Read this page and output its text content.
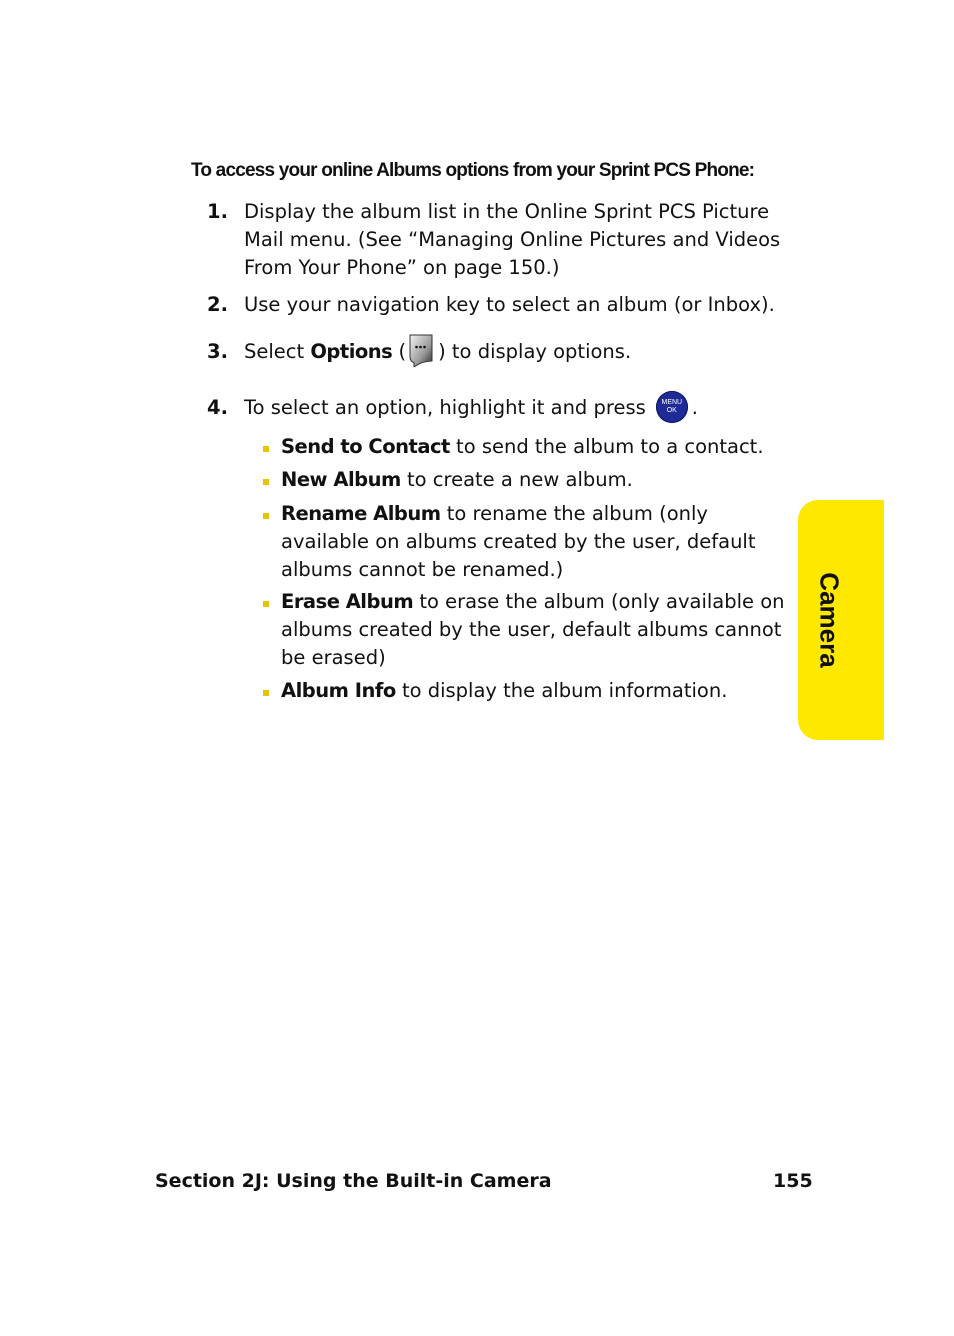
To access your online Albums options from your Sprint PCS Phone:
1. Display the album list in the Online Sprint PCS Picture Mail menu. (See “Managing Online Pictures and Videos From Your Phone” on page 150.)
2. Use your navigation key to select an album (or Inbox).
3. Select Options ( ) to display options.
4. To select an option, highlight it and press	MENU
OK .
Send to Contact to send the album to a contact.
New Album to create a new album.
Rename Album to rename the album (only available on albums created by the user, default albums cannot be renamed.)
Erase Album to erase the album (only available on albums created by the user, default albums cannot be erased)
Album Info to display the album information.
Camera
Section 2J: Using the Built-in Camera	155
